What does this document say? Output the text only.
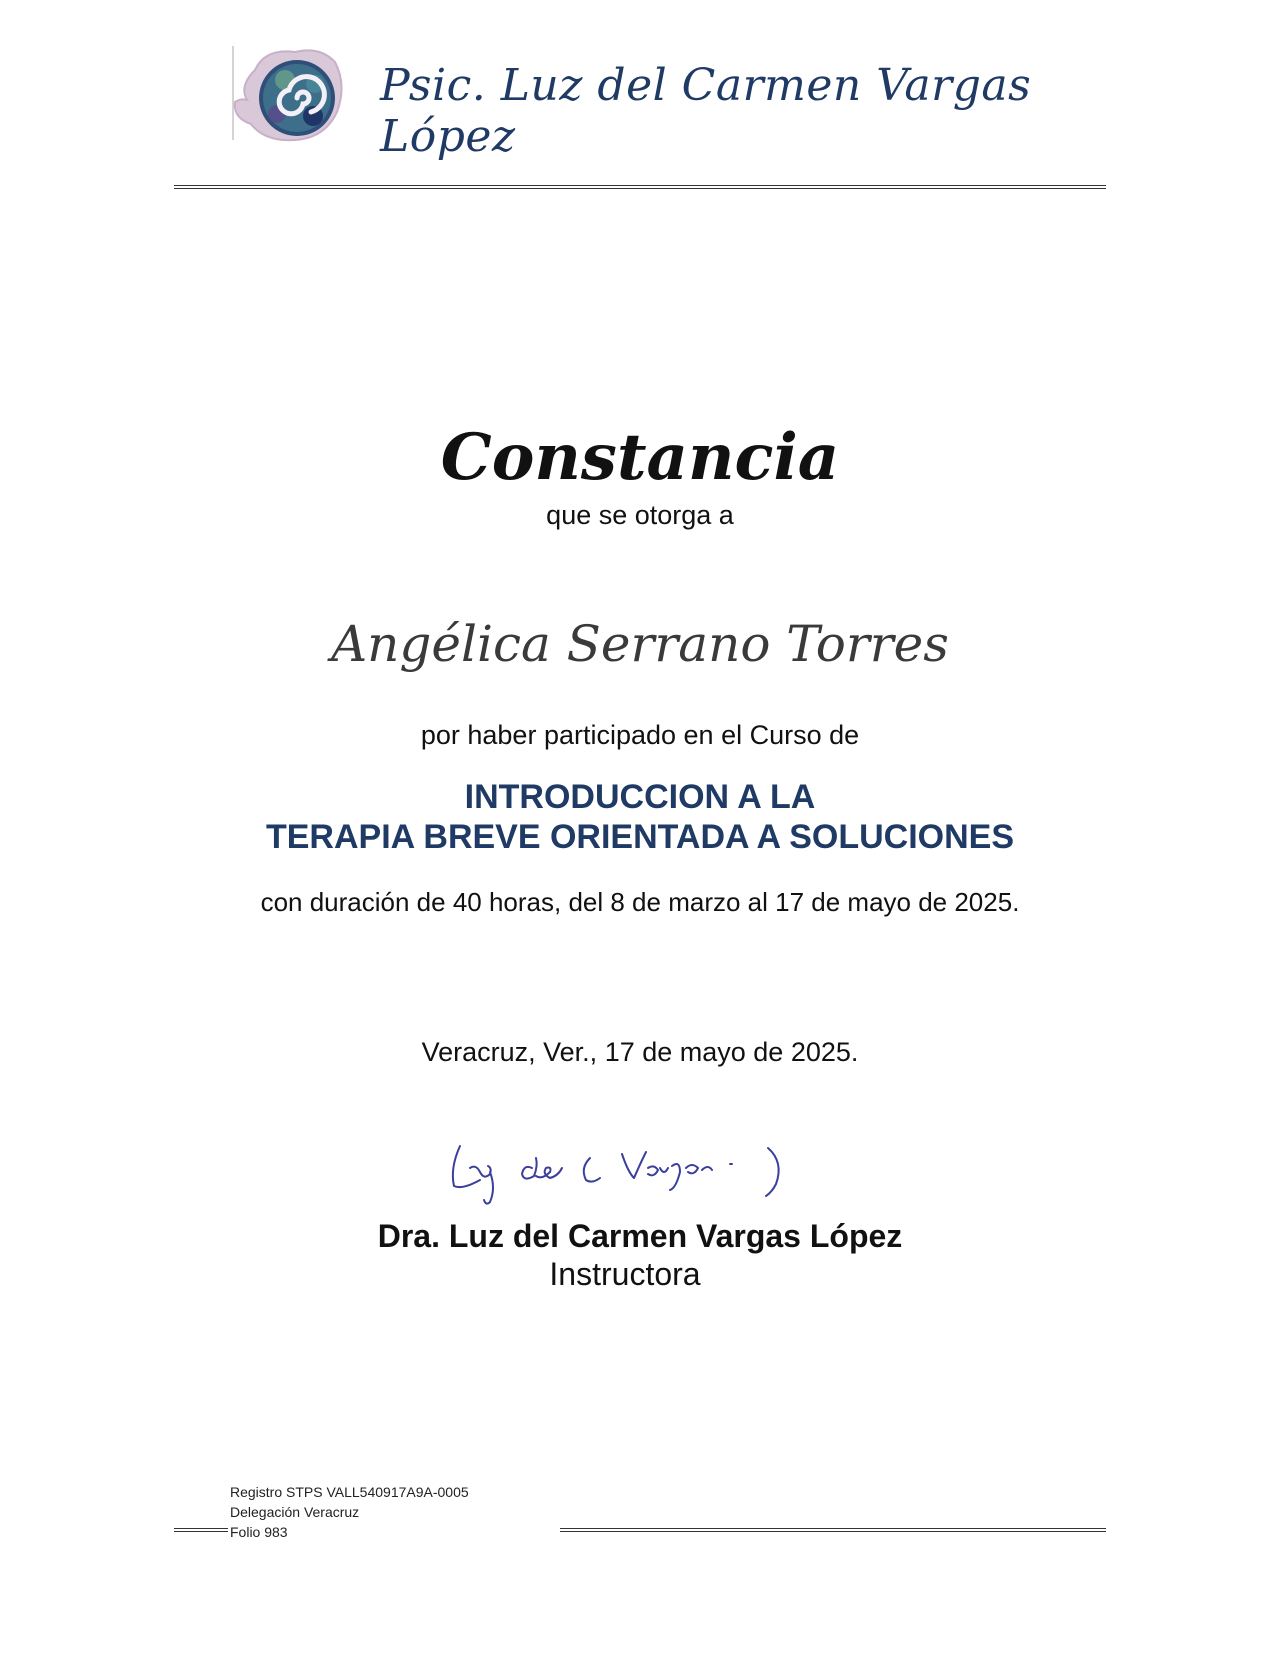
Psic. Luz del Carmen Vargas López
Constancia
que se otorga a
Angélica Serrano Torres
por haber participado en el Curso de
INTRODUCCION A LA
TERAPIA BREVE ORIENTADA A SOLUCIONES
con duración de 40 horas, del 8 de marzo al 17 de mayo de 2025.
Veracruz, Ver., 17 de mayo de 2025.
Dra. Luz del Carmen Vargas López
Instructora
Registro STPS VALL540917A9A-0005
Delegación Veracruz
Folio 983
